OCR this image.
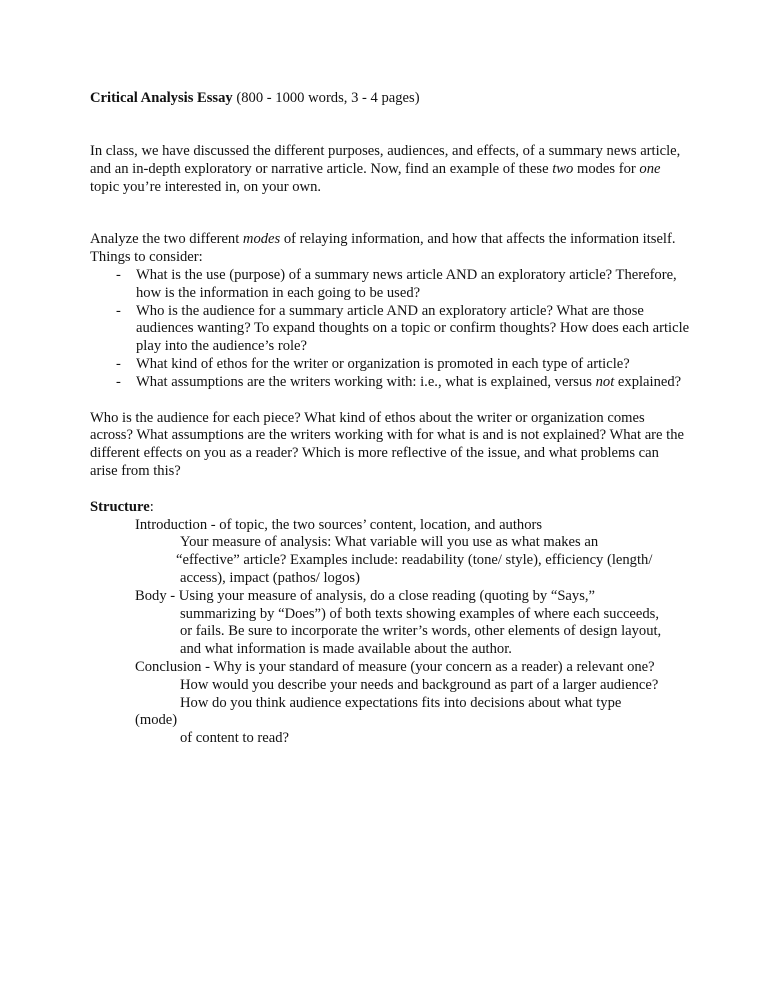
Critical Analysis Essay (800 - 1000 words, 3 - 4 pages)

In class, we have discussed the different purposes, audiences, and effects, of a summary news article, and an in-depth exploratory or narrative article. Now, find an example of these two modes for one topic you’re interested in, on your own.

Analyze the two different modes of relaying information, and how that affects the information itself. Things to consider:

- What is the use (purpose) of a summary news article AND an exploratory article? Therefore, how is the information in each going to be used?
- Who is the audience for a summary article AND an exploratory article? What are those audiences wanting? To expand thoughts on a topic or confirm thoughts? How does each article play into the audience’s role?
- What kind of ethos for the writer or organization is promoted in each type of article?
- What assumptions are the writers working with: i.e., what is explained, versus not explained?

Who is the audience for each piece? What kind of ethos about the writer or organization comes across? What assumptions are the writers working with for what is and is not explained? What are the different effects on you as a reader? Which is more reflective of the issue, and what problems can arise from this?

Structure:

Introduction - of topic, the two sources’ content, location, and authors

Your measure of analysis: What variable will you use as what makes an

“effective” article? Examples include: readability (tone/ style), efficiency (length/

access), impact (pathos/ logos)

Body - Using your measure of analysis, do a close reading (quoting by “Says,”

summarizing by “Does”) of both texts showing examples of where each succeeds,

or fails. Be sure to incorporate the writer’s words, other elements of design layout,

and what information is made available about the author.

Conclusion - Why is your standard of measure (your concern as a reader) a relevant one?

How would you describe your needs and background as part of a larger audience?

How do you think audience expectations fits into decisions about what type

(mode)

of content to read?
